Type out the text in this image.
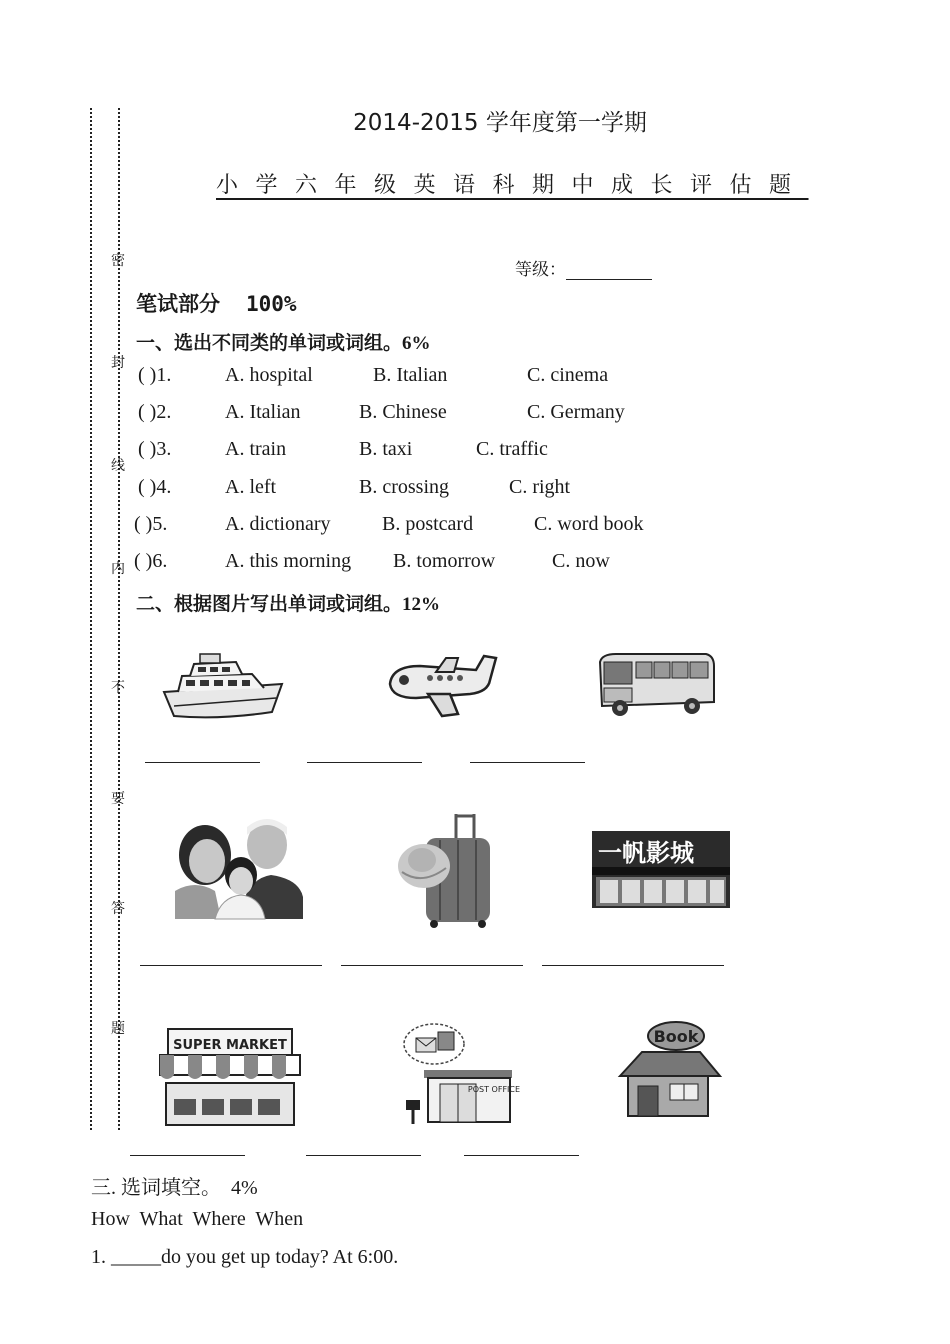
密
封
线
内
不
要
答
题
2014-2015 学年度第一学期
小学六年级英语科期中成长评估题
等级：
笔试部分 100%
一、选出不同类的单词或词组。6%
( )1.	A. hospital	B. Italian	C. cinema
( )2.	A. Italian	B. Chinese	C. Germany
( )3.	A. train	B. taxi	C. traffic
( )4.	A. left	B. crossing	C. right
( )5.	A. dictionary	B. postcard	C. word book
( )6.	A. this morning B. tomorrow	C. now
二、根据图片写出单词或词组。12%
一帆影城
SUPER MARKET
POST OFFICE
Book
三. 选词填空。  4%
How  What  Where  When
1. _____do you get up today? At 6:00.
